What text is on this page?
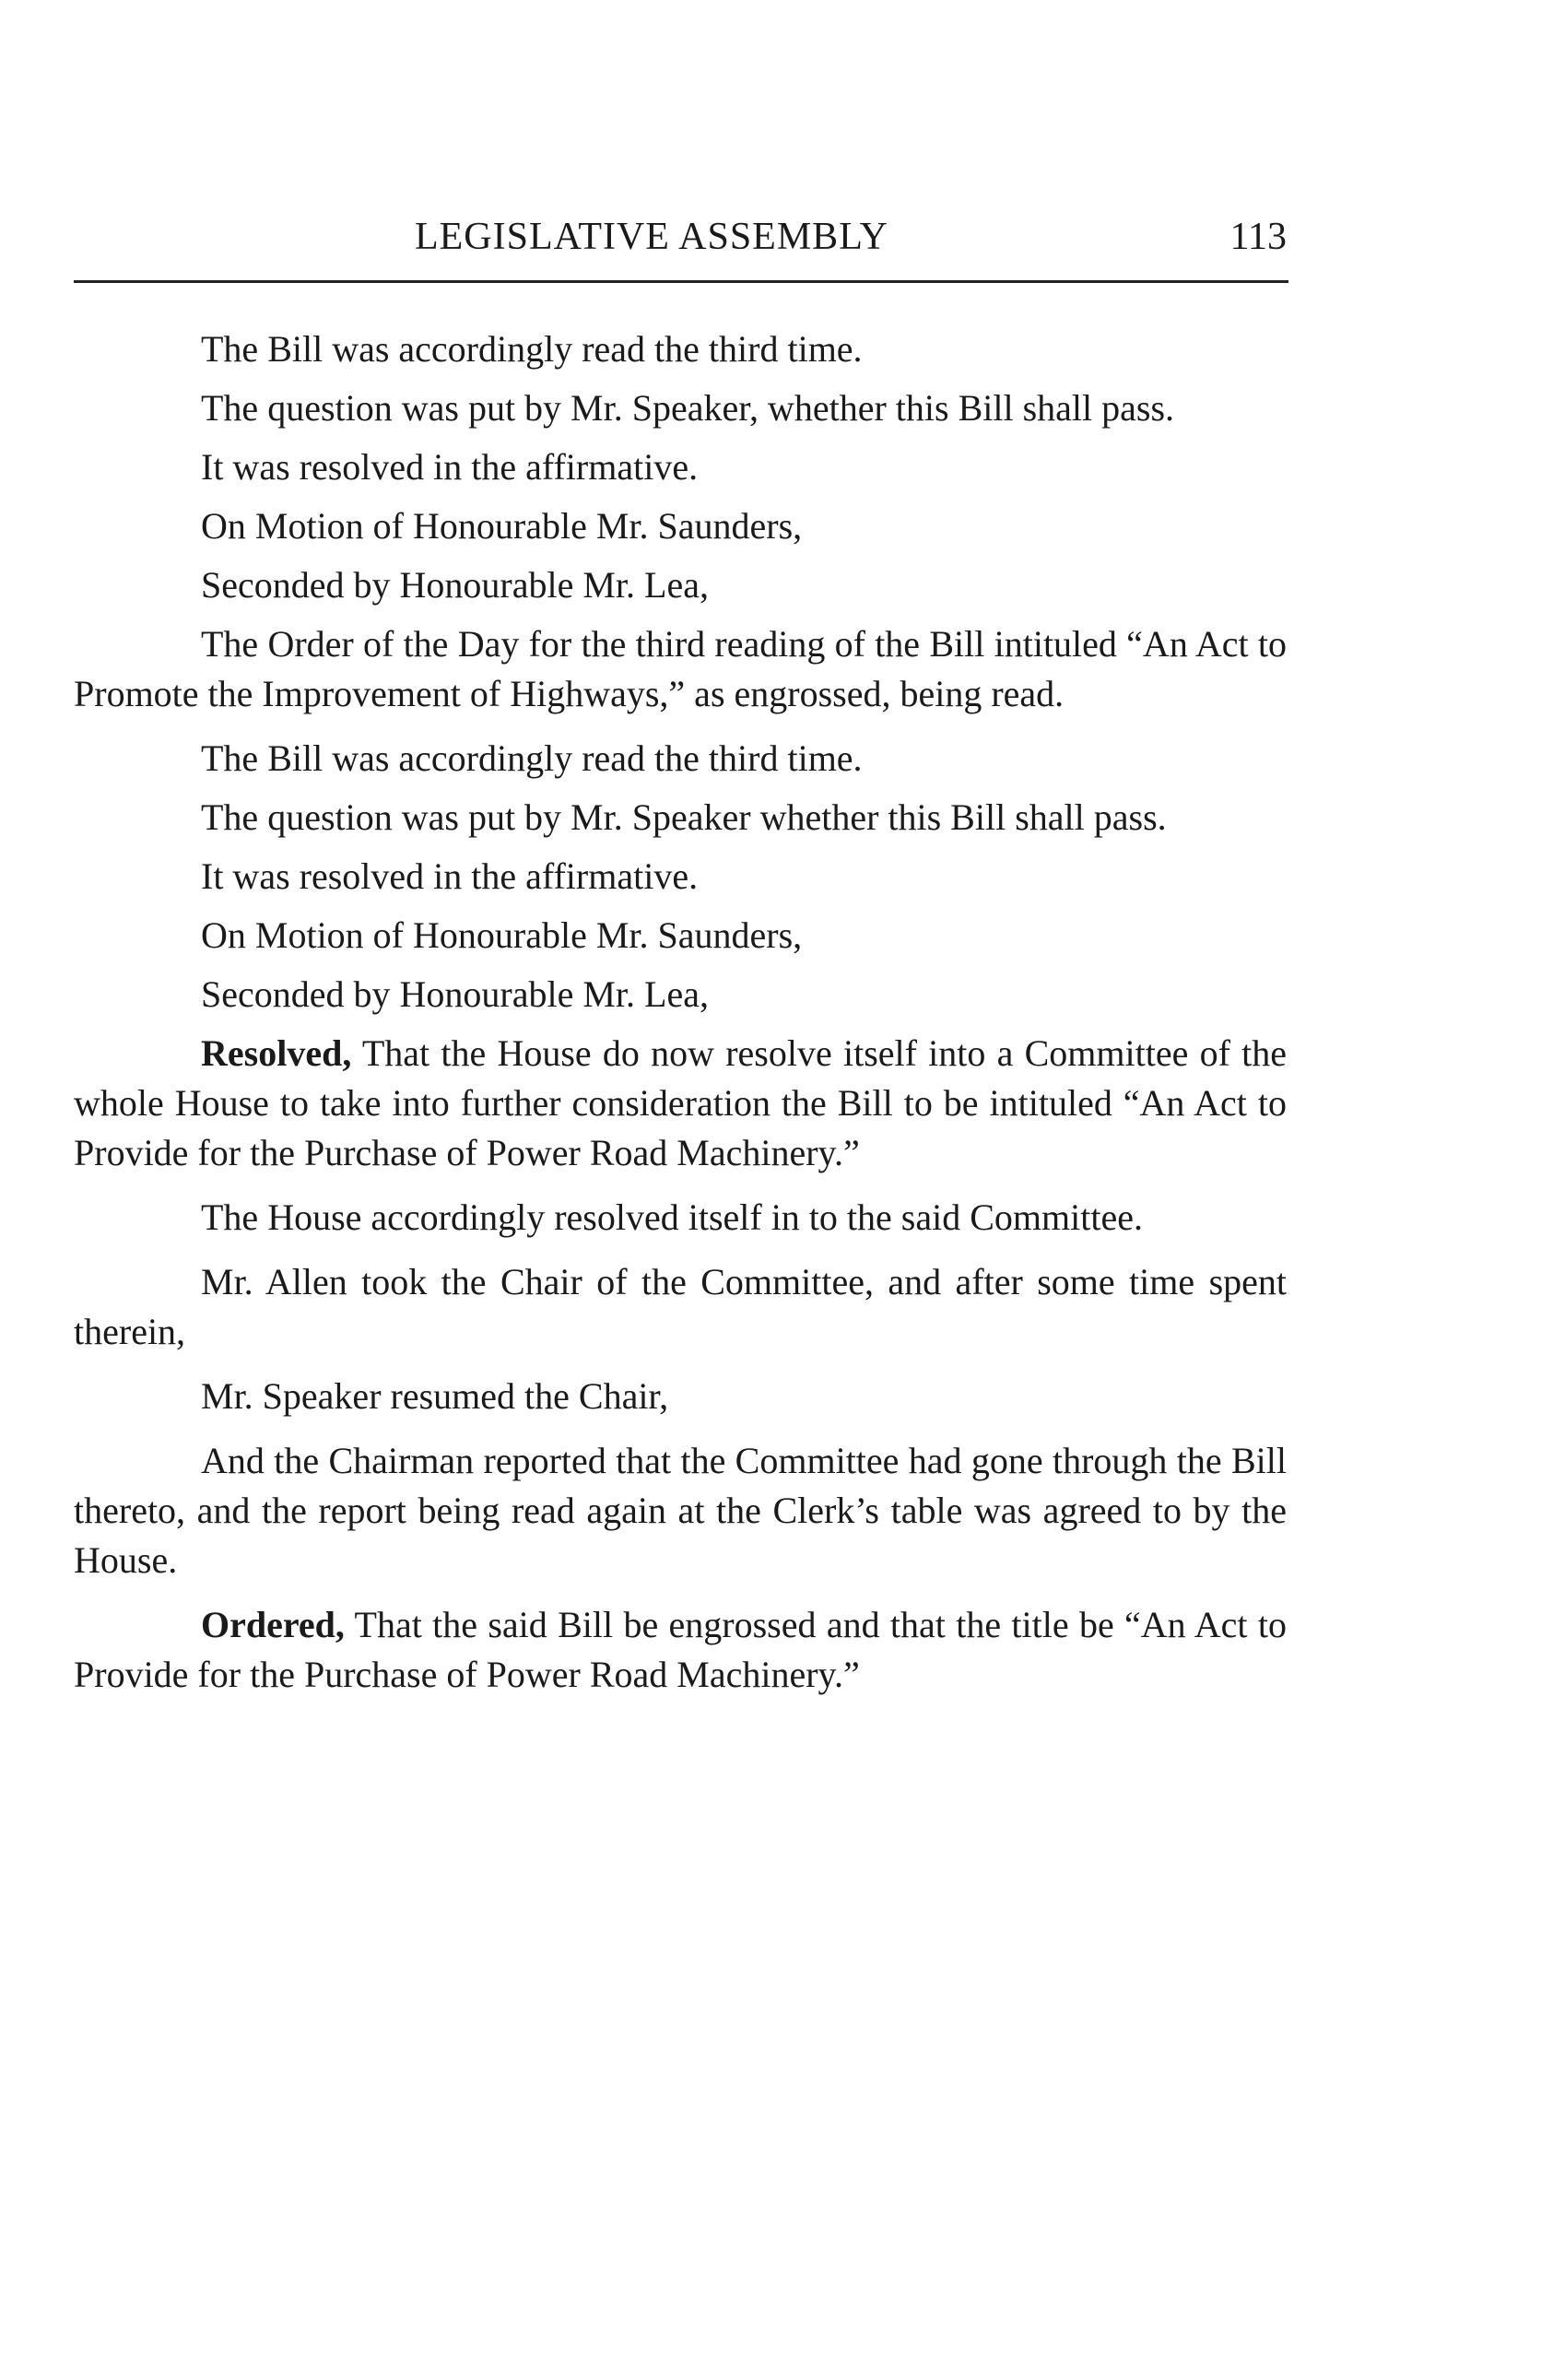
LEGISLATIVE ASSEMBLY	113

The Bill was accordingly read the third time.

The question was put by Mr. Speaker, whether this Bill shall pass.

It was resolved in the affirmative.

On Motion of Honourable Mr. Saunders,

Seconded by Honourable Mr. Lea,

The Order of the Day for the third reading of the Bill intituled “An Act to Promote the Improvement of Highways,” as engrossed, being read.

The Bill was accordingly read the third time.

The question was put by Mr. Speaker whether this Bill shall pass.

It was resolved in the affirmative.

On Motion of Honourable Mr. Saunders,

Seconded by Honourable Mr. Lea,

Resolved, That the House do now resolve itself into a Committee of the whole House to take into further consideration the Bill to be intituled “An Act to Provide for the Purchase of Power Road Machinery.”

The House accordingly resolved itself in to the said Committee.

Mr. Allen took the Chair of the Committee, and after some time spent therein,

Mr. Speaker resumed the Chair,

And the Chairman reported that the Committee had gone through the Bill thereto, and the report being read again at the Clerk’s table was agreed to by the House.

Ordered, That the said Bill be engrossed and that the title be “An Act to Provide for the Purchase of Power Road Machinery.”
